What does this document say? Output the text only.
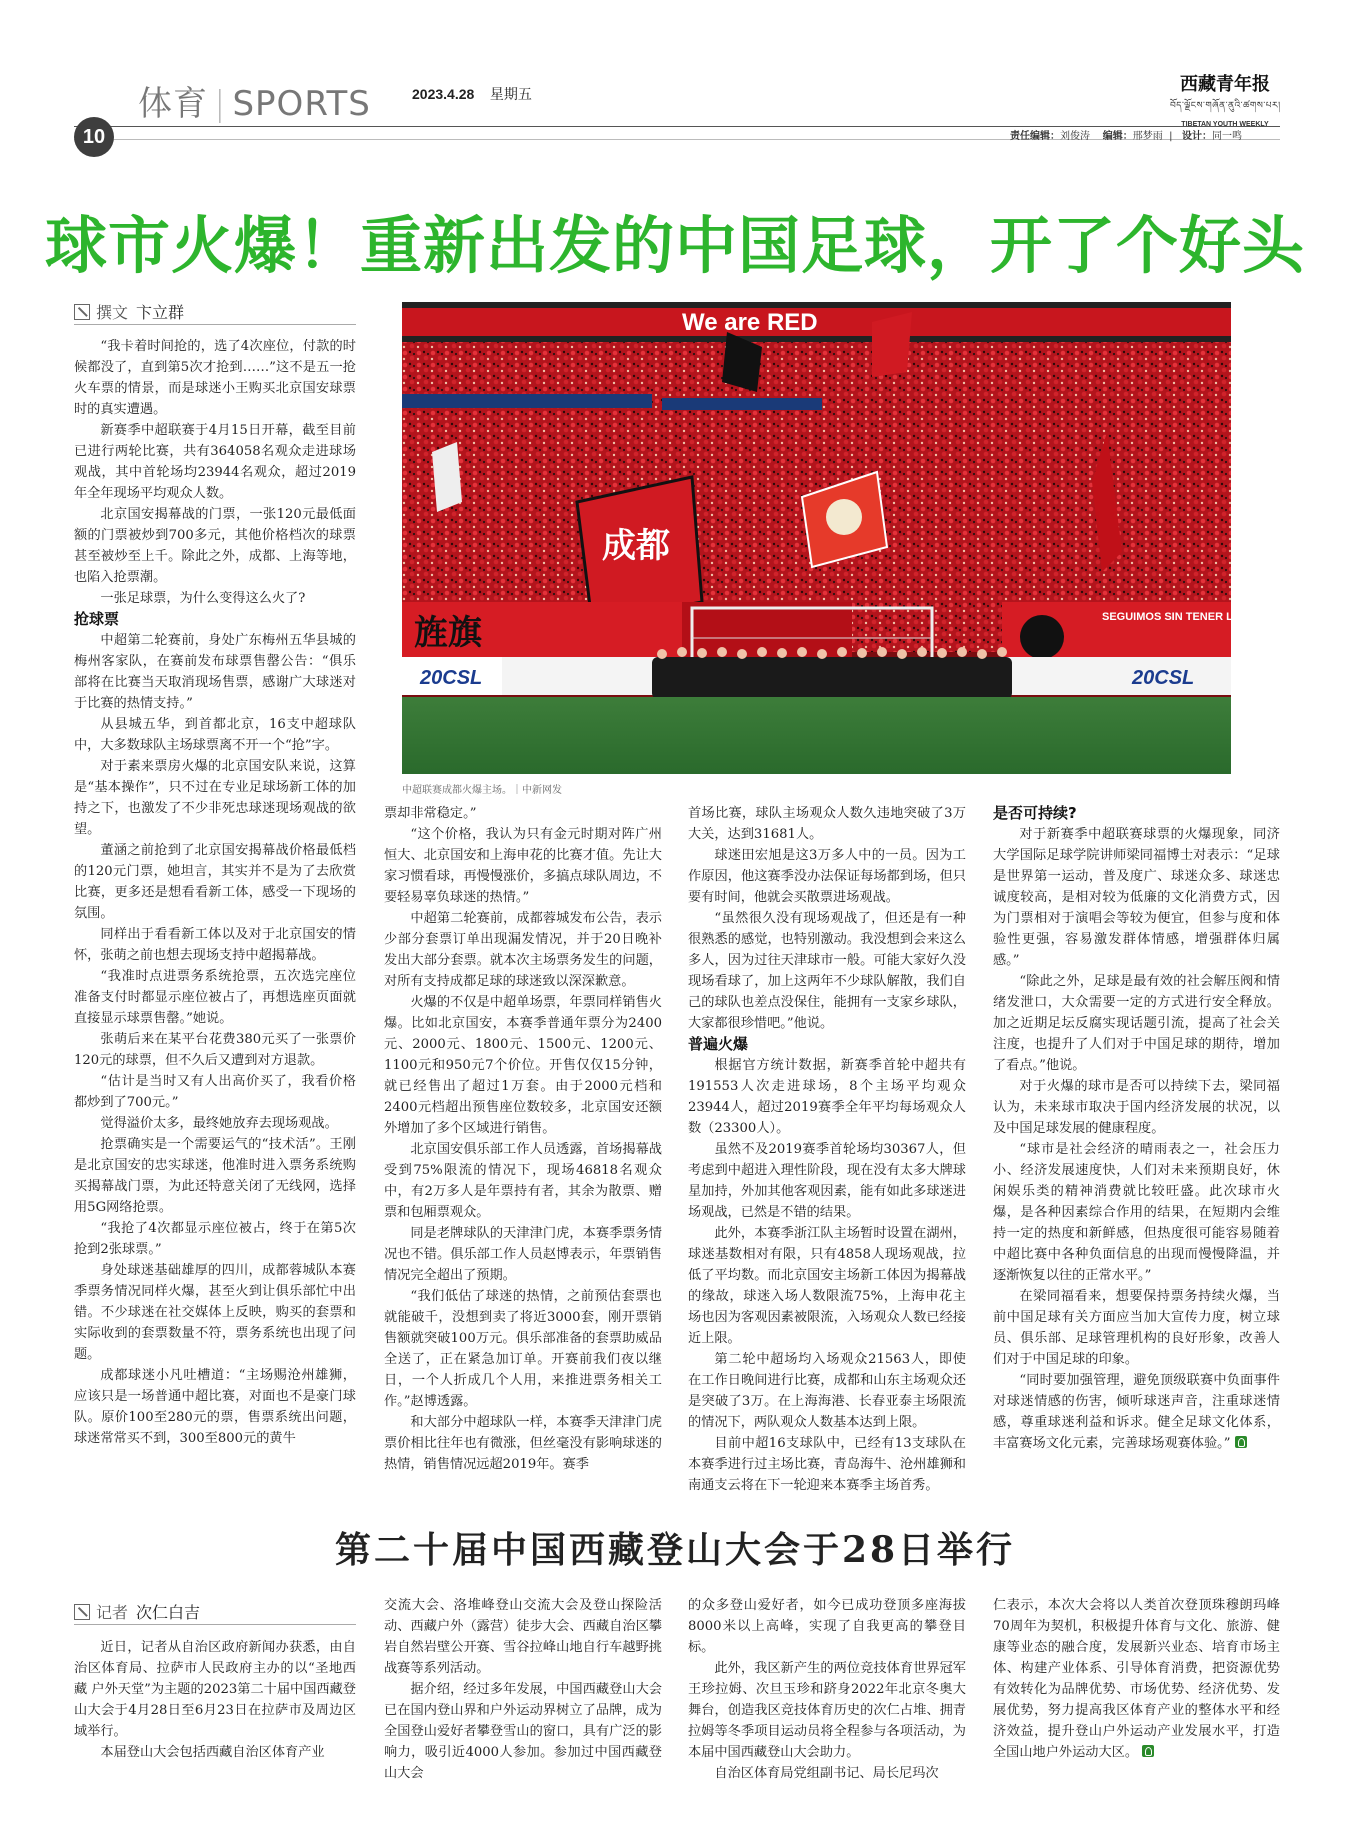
体育 | SPORTS	2023.4.28 星期五
10
西藏青年报
བོད་ལྗོངས་གཞོན་ནུའི་ཚགས་པར།
TIBETAN YOUTH WEEKLY
责任编辑：刘俊涛 编辑：邢梦雨  |   设计：同一鸣
球市火爆！重新出发的中国足球，开了个好头
撰文 卞立群	We are RED
成都
旌旗	SEGUIMOS SIN TENER LA SANGRE FRÍA
20CSL	20CSL
中超联赛成都火爆主场。｜中新网发

“我卡着时间抢的，选了4次座位，付款的时候都没了，直到第5次才抢到……”这不是五一抢火车票的情景，而是球迷小王购买北京国安球票时的真实遭遇。

新赛季中超联赛于4月15日开幕，截至目前已进行两轮比赛，共有364058名观众走进球场观战，其中首轮场均23944名观众，超过2019年全年现场平均观众人数。

北京国安揭幕战的门票，一张120元最低面额的门票被炒到700多元，其他价格档次的球票甚至被炒至上千。除此之外，成都、上海等地，也陷入抢票潮。

一张足球票，为什么变得这么火了?

抢球票

中超第二轮赛前，身处广东梅州五华县城的梅州客家队，在赛前发布球票售罄公告：“俱乐部将在比赛当天取消现场售票，感谢广大球迷对于比赛的热情支持。”

从县城五华，到首都北京，16支中超球队中，大多数球队主场球票离不开一个“抢”字。

对于素来票房火爆的北京国安队来说，这算是“基本操作”，只不过在专业足球场新工体的加持之下，也激发了不少非死忠球迷现场观战的欲望。

董涵之前抢到了北京国安揭幕战价格最低档的120元门票，她坦言，其实并不是为了去欣赏比赛，更多还是想看看新工体，感受一下现场的氛围。

同样出于看看新工体以及对于北京国安的情怀，张萌之前也想去现场支持中超揭幕战。

“我准时点进票务系统抢票，五次选完座位准备支付时都显示座位被占了，再想选座页面就直接显示球票售罄。”她说。

张萌后来在某平台花费380元买了一张票价120元的球票，但不久后又遭到对方退款。

“估计是当时又有人出高价买了，我看价格都炒到了700元。”

觉得溢价太多，最终她放弃去现场观战。

抢票确实是一个需要运气的“技术活”。王刚是北京国安的忠实球迷，他准时进入票务系统购买揭幕战门票，为此还特意关闭了无线网，选择用5G网络抢票。

“我抢了4次都显示座位被占，终于在第5次抢到2张球票。”

身处球迷基础雄厚的四川，成都蓉城队本赛季票务情况同样火爆，甚至火到让俱乐部忙中出错。不少球迷在社交媒体上反映，购买的套票和实际收到的套票数量不符，票务系统也出现了问题。

成都球迷小凡吐槽道：“主场赐沧州雄狮，应该只是一场普通中超比赛，对面也不是豪门球队。原价100至280元的票，售票系统出问题，球迷常常买不到，300至800元的黄牛

票却非常稳定。”

“这个价格，我认为只有金元时期对阵广州恒大、北京国安和上海申花的比赛才值。先让大家习惯看球，再慢慢涨价，多搞点球队周边，不要轻易辜负球迷的热情。”

中超第二轮赛前，成都蓉城发布公告，表示少部分套票订单出现漏发情况，并于20日晚补发出大部分套票。就本次主场票务发生的问题，对所有支持成都足球的球迷致以深深歉意。

火爆的不仅是中超单场票，年票同样销售火爆。比如北京国安，本赛季普通年票分为2400元、2000元、1800元、1500元、1200元、1100元和950元7个价位。开售仅仅15分钟，就已经售出了超过1万套。由于2000元档和2400元档超出预售座位数较多，北京国安还额外增加了多个区域进行销售。

北京国安俱乐部工作人员透露，首场揭幕战受到75%限流的情况下，现场46818名观众中，有2万多人是年票持有者，其余为散票、赠票和包厢票观众。

同是老牌球队的天津津门虎，本赛季票务情况也不错。俱乐部工作人员赵博表示，年票销售情况完全超出了预期。

“我们低估了球迷的热情，之前预估套票也就能破千，没想到卖了将近3000套，刚开票销售额就突破100万元。俱乐部准备的套票助威品全送了，正在紧急加订单。开赛前我们夜以继日，一个人折成几个人用，来推进票务相关工作。”赵博透露。

和大部分中超球队一样，本赛季天津津门虎票价相比往年也有微涨，但丝毫没有影响球迷的热情，销售情况远超2019年。赛季

首场比赛，球队主场观众人数久违地突破了3万大关，达到31681人。

球迷田宏旭是这3万多人中的一员。因为工作原因，他这赛季没办法保证每场都到场，但只要有时间，他就会买散票进场观战。

“虽然很久没有现场观战了，但还是有一种很熟悉的感觉，也特别激动。我没想到会来这么多人，因为过往天津球市一般。可能大家好久没现场看球了，加上这两年不少球队解散，我们自己的球队也差点没保住，能拥有一支家乡球队，大家都很珍惜吧。”他说。

普遍火爆

根据官方统计数据，新赛季首轮中超共有191553人次走进球场，8个主场平均观众23944人，超过2019赛季全年平均每场观众人数（23300人）。

虽然不及2019赛季首轮场均30367人，但考虑到中超进入理性阶段，现在没有太多大牌球星加持，外加其他客观因素，能有如此多球迷进场观战，已然是不错的结果。

此外，本赛季浙江队主场暂时设置在湖州，球迷基数相对有限，只有4858人现场观战，拉低了平均数。而北京国安主场新工体因为揭幕战的缘故，球迷入场人数限流75%，上海申花主场也因为客观因素被限流，入场观众人数已经接近上限。

第二轮中超场均入场观众21563人，即使在工作日晚间进行比赛，成都和山东主场观众还是突破了3万。在上海海港、长春亚泰主场限流的情况下，两队观众人数基本达到上限。

目前中超16支球队中，已经有13支球队在本赛季进行过主场比赛，青岛海牛、沧州雄狮和南通支云将在下一轮迎来本赛季主场首秀。

是否可持续?

对于新赛季中超联赛球票的火爆现象，同济大学国际足球学院讲师梁同福博士对表示：“足球是世界第一运动，普及度广、球迷众多、球迷忠诚度较高，是相对较为低廉的文化消费方式，因为门票相对于演唱会等较为便宜，但参与度和体验性更强，容易激发群体情感，增强群体归属感。”

“除此之外，足球是最有效的社会解压阀和情绪发泄口，大众需要一定的方式进行安全释放。加之近期足坛反腐实现话题引流，提高了社会关注度，也提升了人们对于中国足球的期待，增加了看点。”他说。

对于火爆的球市是否可以持续下去，梁同福认为，未来球市取决于国内经济发展的状况，以及中国足球发展的健康程度。

“球市是社会经济的晴雨表之一，社会压力小、经济发展速度快，人们对未来预期良好，休闲娱乐类的精神消费就比较旺盛。此次球市火爆，是各种因素综合作用的结果，在短期内会维持一定的热度和新鲜感，但热度很可能容易随着中超比赛中各种负面信息的出现而慢慢降温，并逐渐恢复以往的正常水平。”

在梁同福看来，想要保持票务持续火爆，当前中国足球有关方面应当加大宣传力度，树立球员、俱乐部、足球管理机构的良好形象，改善人们对于中国足球的印象。

“同时要加强管理，避免顶级联赛中负面事件对球迷情感的伤害，倾听球迷声音，注重球迷情感，尊重球迷利益和诉求。健全足球文化体系，丰富赛场文化元素，完善球场观赛体验。”

第二十届中国西藏登山大会于28日举行
记者 次仁白吉

近日，记者从自治区政府新闻办获悉，由自治区体育局、拉萨市人民政府主办的以“圣地西藏 户外天堂”为主题的2023第二十届中国西藏登山大会于4月28日至6月23日在拉萨市及周边区域举行。

本届登山大会包括西藏自治区体育产业

交流大会、洛堆峰登山交流大会及登山探险活动、西藏户外（露营）徒步大会、西藏自治区攀岩自然岩壁公开赛、雪谷拉峰山地自行车越野挑战赛等系列活动。

据介绍，经过多年发展，中国西藏登山大会已在国内登山界和户外运动界树立了品牌，成为全国登山爱好者攀登雪山的窗口，具有广泛的影响力，吸引近4000人参加。参加过中国西藏登山大会

的众多登山爱好者，如今已成功登顶多座海拔8000米以上高峰，实现了自我更高的攀登目标。

此外，我区新产生的两位竞技体育世界冠军王珍拉姆、次旦玉珍和跻身2022年北京冬奥大舞台，创造我区竞技体育历史的次仁占堆、拥青拉姆等冬季项目运动员将全程参与各项活动，为本届中国西藏登山大会助力。

自治区体育局党组副书记、局长尼玛次

仁表示，本次大会将以人类首次登顶珠穆朗玛峰70周年为契机，积极提升体育与文化、旅游、健康等业态的融合度，发展新兴业态、培育市场主体、构建产业体系、引导体育消费，把资源优势有效转化为品牌优势、市场优势、经济优势、发展优势，努力提高我区体育产业的整体水平和经济效益，提升登山户外运动产业发展水平，打造全国山地户外运动大区。
